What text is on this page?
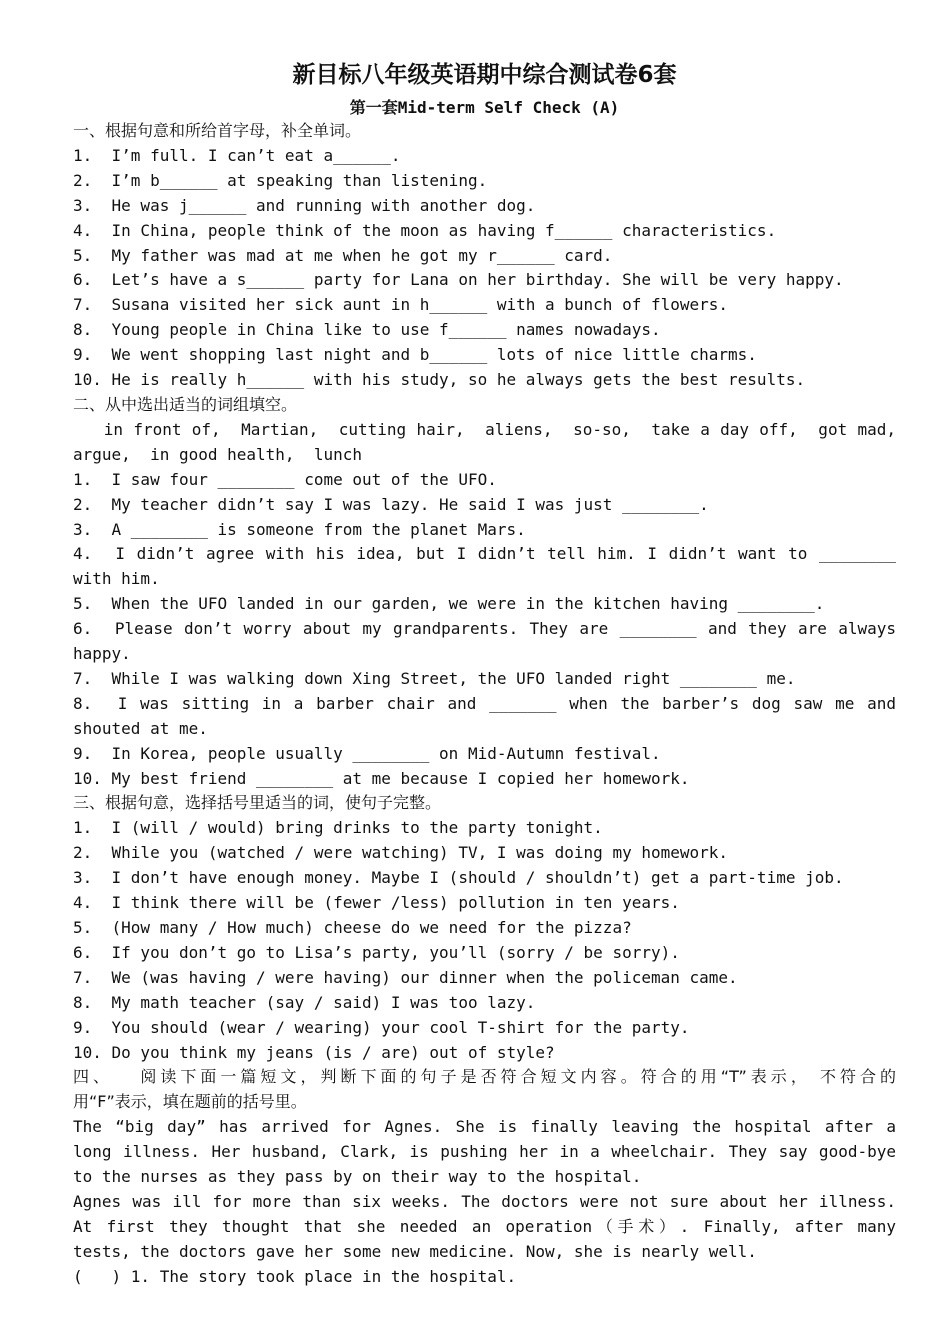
新目标八年级英语期中综合测试卷6套
第一套Mid-term Self Check (A)
一、根据句意和所给首字母，补全单词。
1.  I’m full. I can’t eat a______.
2.  I’m b______ at speaking than listening.
3.  He was j______ and running with another dog.
4.  In China, people think of the moon as having f______ characteristics.
5.  My father was mad at me when he got my r______ card.
6.  Let’s have a s______ party for Lana on her birthday. She will be very happy.
7.  Susana visited her sick aunt in h______ with a bunch of flowers.
8.  Young people in China like to use f______ names nowadays.
9.  We went shopping last night and b______ lots of nice little charms.
10. He is really h______ with his study, so he always gets the best results.
二、从中选出适当的词组填空。
in front of,  Martian,  cutting hair,  aliens,  so-so,  take a day off,  got mad,
argue,  in good health,  lunch
1.  I saw four ________ come out of the UFO.
2.  My teacher didn’t say I was lazy. He said I was just ________.
3.  A ________ is someone from the planet Mars.
4.  I didn’t agree with his idea, but I didn’t tell him. I didn’t want to ________
with him.
5.  When the UFO landed in our garden, we were in the kitchen having ________.
6.  Please don’t worry about my grandparents. They are ________ and they are always
happy.
7.  While I was walking down Xing Street, the UFO landed right ________ me.
8.  I was sitting in a barber chair and _______ when the barber’s dog saw me and
shouted at me.
9.  In Korea, people usually ________ on Mid-Autumn festival.
10. My best friend ________ at me because I copied her homework.
三、根据句意，选择括号里适当的词，使句子完整。
1.  I (will / would) bring drinks to the party tonight.
2.  While you (watched / were watching) TV, I was doing my homework.
3.  I don’t have enough money. Maybe I (should / shouldn’t) get a part-time job.
4.  I think there will be (fewer /less) pollution in ten years.
5.  (How many / How much) cheese do we need for the pizza?
6.  If you don’t go to Lisa’s party, you’ll (sorry / be sorry).
7.  We (was having / were having) our dinner when the policeman came.
8.  My math teacher (say / said) I was too lazy.
9.  You should (wear / wearing) your cool T-shirt for the party.
10. Do you think my jeans (is / are) out of style?
四、   阅读下面一篇短文，判断下面的句子是否符合短文内容。符合的用“T”表示， 不符合的
用“F”表示，填在题前的括号里。
The “big day” has arrived for Agnes. She is finally leaving the hospital after a
long illness. Her husband, Clark, is pushing her in a wheelchair. They say good-bye
to the nurses as they pass by on their way to the hospital.
Agnes was ill for more than six weeks. The doctors were not sure about her illness.
At first they thought that she needed an operation（手术）. Finally, after many
tests, the doctors gave her some new medicine. Now, she is nearly well.
(   ) 1. The story took place in the hospital.
